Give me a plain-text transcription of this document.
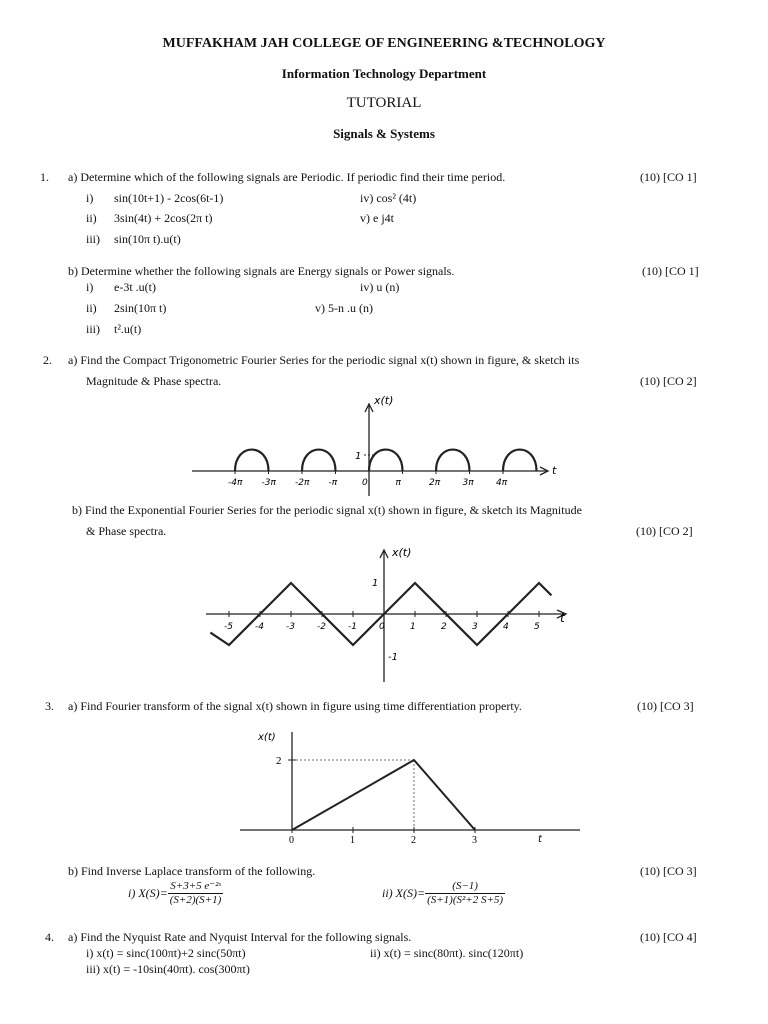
MUFFAKHAM JAH COLLEGE OF ENGINEERING &TECHNOLOGY
Information Technology Department
TUTORIAL
Signals & Systems
1. a) Determine which of the following signals are Periodic. If periodic find their time period.	(10) [CO 1]
i) sin(10t+1) - 2cos(6t-1)	iv) cos² (4t)
ii) 3sin(4t) + 2cos(2π t)	v) e j4t
iii) sin(10π t).u(t)
b) Determine whether the following signals are Energy signals or Power signals.	(10) [CO 1]
i) e-3t .u(t)	iv) u (n)
ii) 2sin(10π t)	v) 5-n .u (n)
iii) t².u(t)
2. a) Find the Compact Trigonometric Fourier Series for the periodic signal x(t) shown in figure, & sketch its
Magnitude & Phase spectra.	(10) [CO 2]
x(t)
1
t
-4π -3π -2π -π	0	π	2π 3π 4π
b) Find the Exponential Fourier Series for the periodic signal x(t) shown in figure, & sketch its Magnitude
& Phase spectra.	(10) [CO 2]
x(t)
1
-1
t
-5 -4 -3 -2 -1 0	1	2	3	4	5
3. a) Find Fourier transform of the signal x(t) shown in figure using time differentiation property.	(10) [CO 3]
x(t)
2
t
0	1	2	3
b) Find Inverse Laplace transform of the following.	(10) [CO 3]
i) $X(S)= \frac{\text{S+3+5 e⁻²ˢ}}{(S+2)(S+1)}$	ii) $X(S)= \frac{(S-1)}{\text{(S+1)(S²+2 S+5)}}$
4. a) Find the Nyquist Rate and Nyquist Interval for the following signals.	(10) [CO 4]
i) x(t) = sinc(100πt)+2 sinc(50πt)	ii) x(t) = sinc(80πt). sinc(120πt)
iii) x(t) = -10sin(40πt). cos(300πt)
